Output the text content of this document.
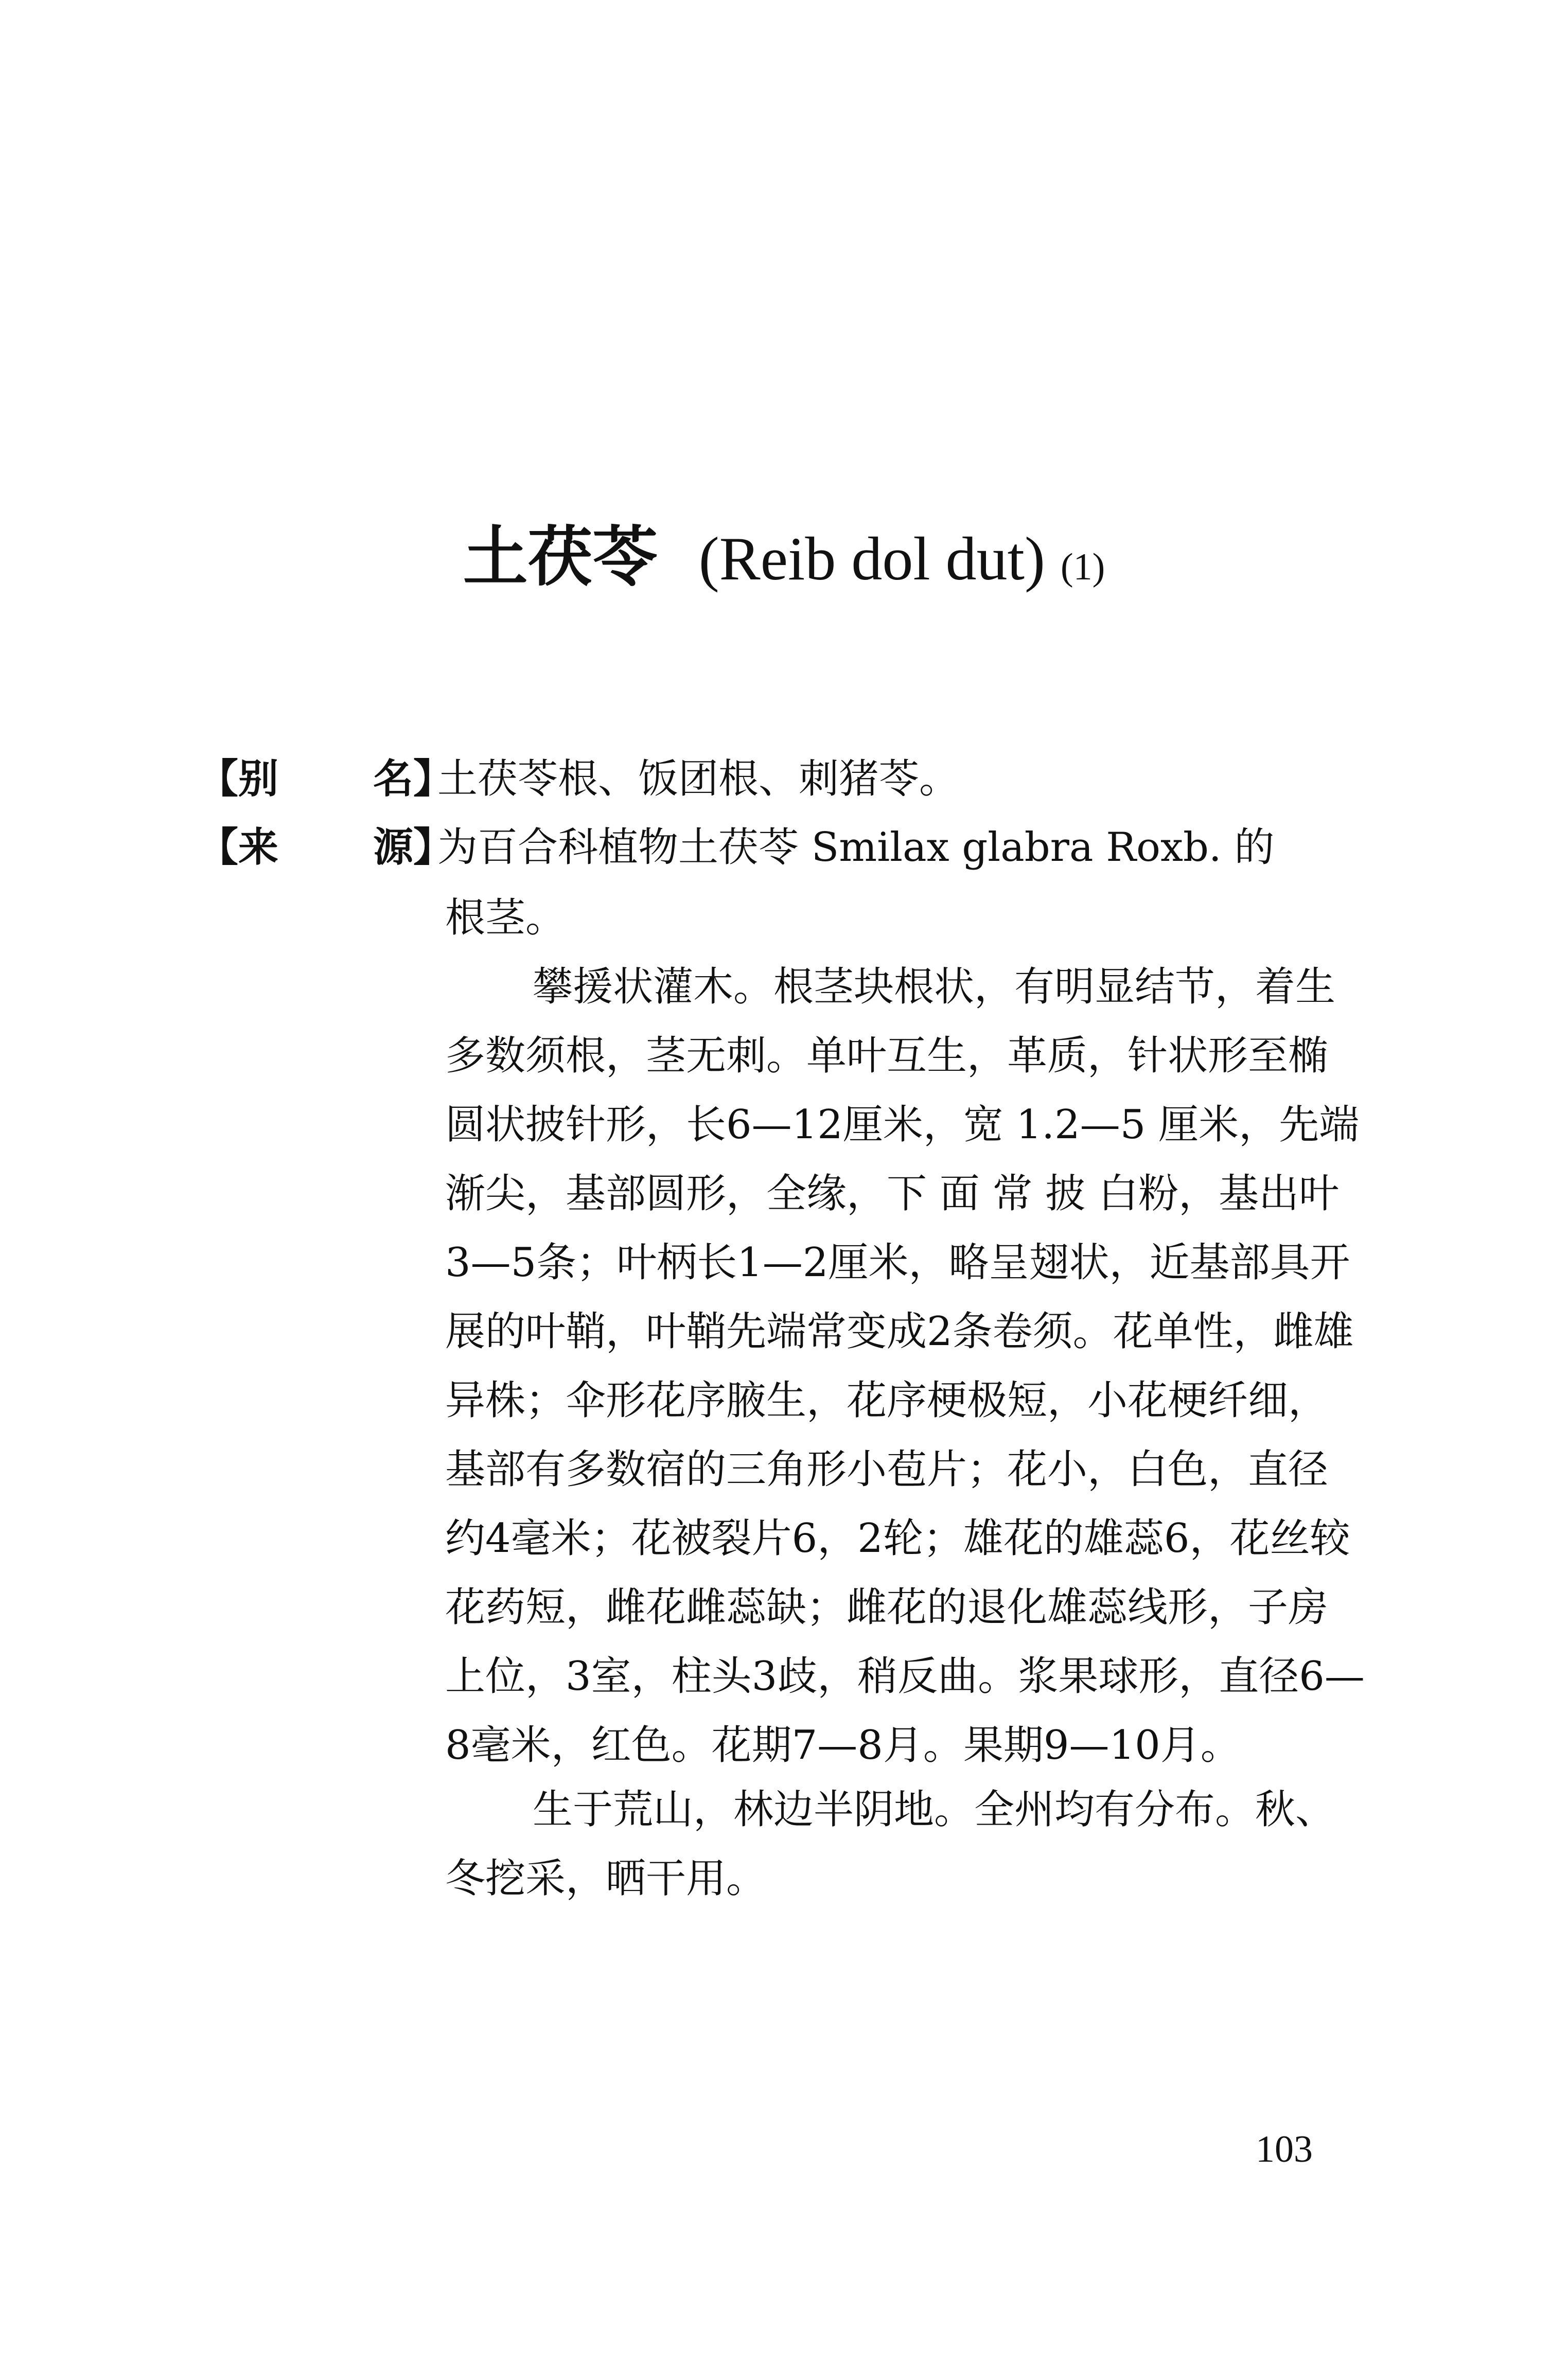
土茯苓 (Reib dol dut) (1)
【别 名】土茯苓根、饭团根、刺猪苓。
【来 源】为百合科植物土茯苓 Smilax glabra Roxb. 的
根茎。
攀援状灌木。根茎块根状，有明显结节，着生
多数须根，茎无刺。单叶互生，革质，针状形至椭
圆状披针形，长6—12厘米，宽 1.2—5 厘米，先端
渐尖，基部圆形，全缘，下 面 常 披 白粉，基出叶
3—5条；叶柄长1—2厘米，略呈翅状，近基部具开
展的叶鞘，叶鞘先端常变成2条卷须。花单性，雌雄
异株；伞形花序腋生，花序梗极短，小花梗纤细，
基部有多数宿的三角形小苞片；花小，白色，直径
约4毫米；花被裂片6，2轮；雄花的雄蕊6，花丝较
花药短，雌花雌蕊缺；雌花的退化雄蕊线形，子房
上位，3室，柱头3歧，稍反曲。浆果球形，直径6—
8毫米，红色。花期7—8月。果期9—10月。
生于荒山，林边半阴地。全州均有分布。秋、
冬挖采，晒干用。
103
